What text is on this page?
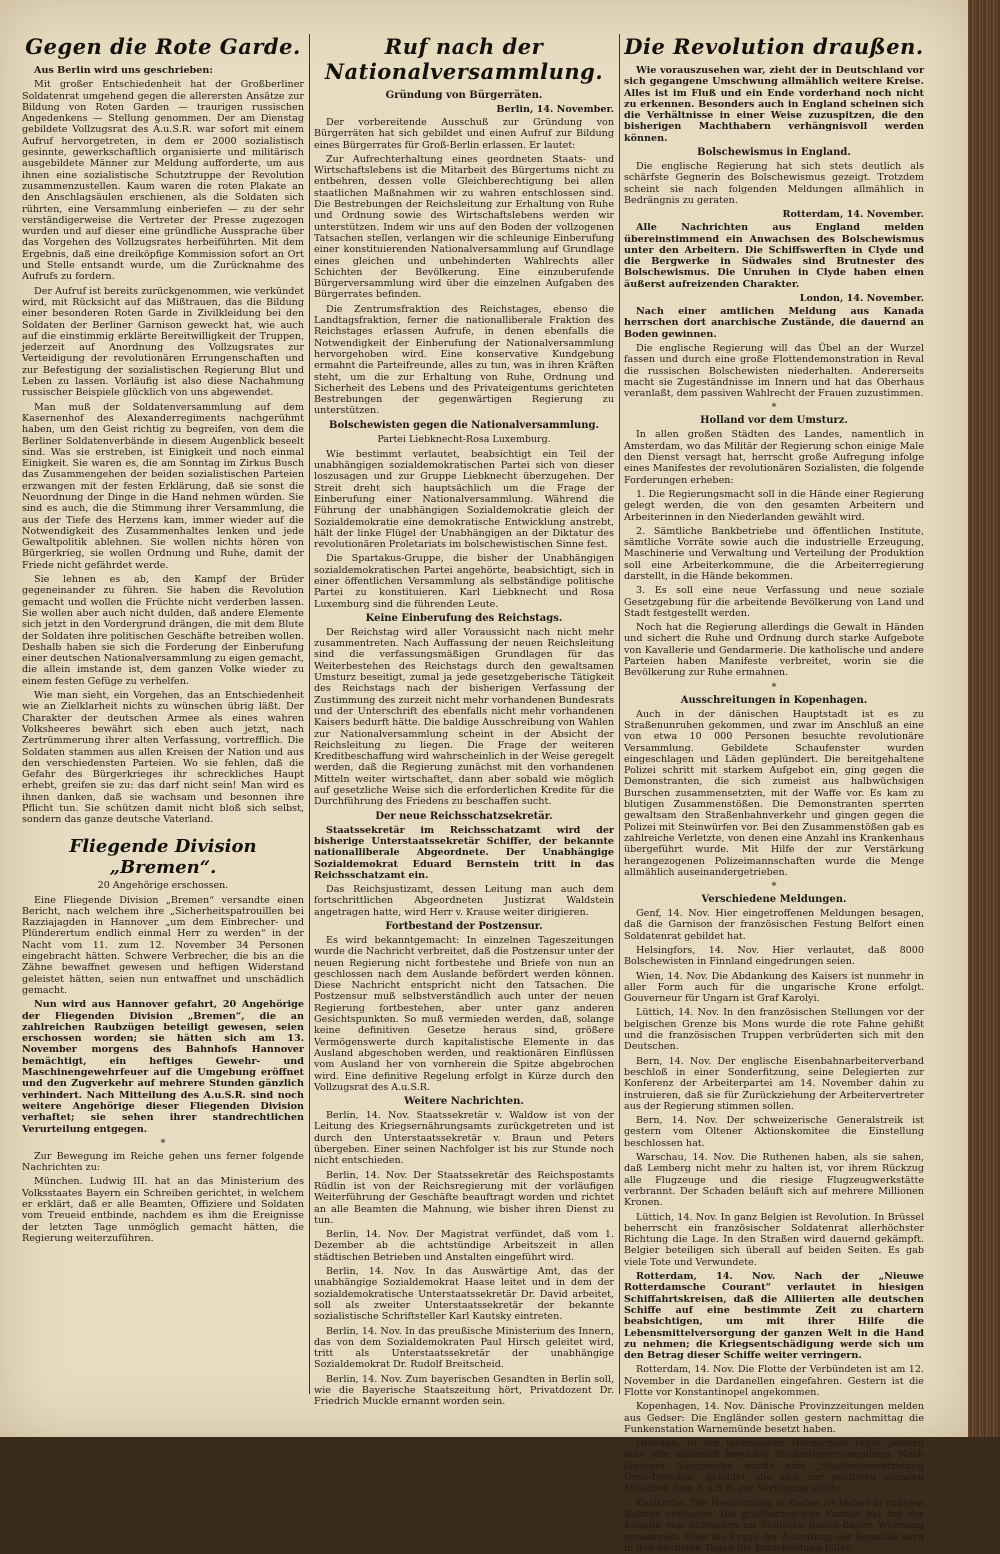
Gegen die Rote Garde.

Aus Berlin wird uns geschrieben:

Mit großer Entschiedenheit hat der Großberliner Soldatenrat umgehend gegen die allerersten Ansätze zur Bildung von Roten Garden — traurigen russischen Angedenkens — Stellung genommen. Der am Dienstag gebildete Vollzugsrat des A.u.S.R. war sofort mit einem Aufruf hervorgetreten, in dem er 2000 sozialistisch gesinnte, gewerkschaftlich organisierte und militärisch ausgebildete Männer zur Meldung aufforderte, um aus ihnen eine sozialistische Schutztruppe der Revolution zusammenzustellen. Kaum waren die roten Plakate an den Anschlagsäulen erschienen, als die Soldaten sich rührten, eine Versammlung einberiefen — zu der sehr verständigerweise die Vertreter der Presse zugezogen wurden und auf dieser eine gründliche Aussprache über das Vorgehen des Vollzugsrates herbeiführten. Mit dem Ergebnis, daß eine dreiköpfige Kommission sofort an Ort und Stelle entsandt wurde, um die Zurücknahme des Aufrufs zu fordern.

Der Aufruf ist bereits zurückgenommen, wie verkündet wird, mit Rücksicht auf das Mißtrauen, das die Bildung einer besonderen Roten Garde in Zivilkleidung bei den Soldaten der Berliner Garnison geweckt hat, wie auch auf die einstimmig erklärte Bereitwilligkeit der Truppen, jederzeit auf Anordnung des Vollzugsrates zur Verteidigung der revolutionären Errungenschaften und zur Befestigung der sozialistischen Regierung Blut und Leben zu lassen. Vorläufig ist also diese Nachahmung russischer Beispiele glücklich von uns abgewendet.

Man muß der Soldatenversammlung auf dem Kasernenhof des Alexanderregiments nachgerühmt haben, um den Geist richtig zu begreifen, von dem die Berliner Soldatenverbände in diesem Augenblick beseelt sind. Was sie erstreben, ist Einigkeit und noch einmal Einigkeit. Sie waren es, die am Sonntag im Zirkus Busch das Zusammengehen der beiden sozialistischen Parteien erzwangen mit der festen Erklärung, daß sie sonst die Neuordnung der Dinge in die Hand nehmen würden. Sie sind es auch, die die Stimmung ihrer Versammlung, die aus der Tiefe des Herzens kam, immer wieder auf die Notwendigkeit des Zusammenhaltes lenken und jede Gewaltpolitik ablehnen. Sie wollen nichts hören von Bürgerkrieg, sie wollen Ordnung und Ruhe, damit der Friede nicht gefährdet werde.

Sie lehnen es ab, den Kampf der Brüder gegeneinander zu führen. Sie haben die Revolution gemacht und wollen die Früchte nicht verderben lassen. Sie wollen aber auch nicht dulden, daß andere Elemente sich jetzt in den Vordergrund drängen, die mit dem Blute der Soldaten ihre politischen Geschäfte betreiben wollen. Deshalb haben sie sich die Forderung der Einberufung einer deutschen Nationalversammlung zu eigen gemacht, die allein imstande ist, dem ganzen Volke wieder zu einem festen Gefüge zu verhelfen.

Wie man sieht, ein Vorgehen, das an Entschiedenheit wie an Zielklarheit nichts zu wünschen übrig läßt. Der Charakter der deutschen Armee als eines wahren Volksheeres bewährt sich eben auch jetzt, nach Zertrümmerung ihrer alten Verfassung, vortrefflich. Die Soldaten stammen aus allen Kreisen der Nation und aus den verschiedensten Parteien. Wo sie fehlen, daß die Gefahr des Bürgerkrieges ihr schreckliches Haupt erhebt, greifen sie zu: das darf nicht sein! Man wird es ihnen danken, daß sie wachsam und besonnen ihre Pflicht tun. Sie schützen damit nicht bloß sich selbst, sondern das ganze deutsche Vaterland.

Fliegende Division „Bremen“.
20 Angehörige erschossen.

Eine Fliegende Division „Bremen“ versandte einen Bericht, nach welchem ihre „Sicherheitspatrouillen bei Razziajagden in Hannover „um dem Einbrecher- und Plünderertum endlich einmal Herr zu werden“ in der Nacht vom 11. zum 12. November 34 Personen eingebracht hätten. Schwere Verbrecher, die bis an die Zähne bewaffnet gewesen und heftigen Widerstand geleistet hätten, seien nun entwaffnet und unschädlich gemacht.

Nun wird aus Hannover gefahrt, 20 Angehörige der Fliegenden Division „Bremen“, die an zahlreichen Raubzügen beteiligt gewesen, seien erschossen worden; sie hätten sich am 13. November morgens des Bahnhofs Hannover bemächtigt, ein heftiges Gewehr- und Maschinengewehrfeuer auf die Umgebung eröffnet und den Zugverkehr auf mehrere Stunden gänzlich verhindert. Nach Mitteilung des A.u.S.R. sind noch weitere Angehörige dieser Fliegenden Division verhaftet; sie sehen ihrer standrechtlichen Verurteilung entgegen.

*

Zur Bewegung im Reiche gehen uns ferner folgende Nachrichten zu:

München. Ludwig III. hat an das Ministerium des Volksstaates Bayern ein Schreiben gerichtet, in welchem er erklärt, daß er alle Beamten, Offiziere und Soldaten vom Treueid entbinde, nachdem es ihm die Ereignisse der letzten Tage unmöglich gemacht hätten, die Regierung weiterzuführen.

Ruf nach der Nationalversammlung.
Gründung von Bürgerräten.
Berlin, 14. November.

Der vorbereitende Ausschuß zur Gründung von Bürgerräten hat sich gebildet und einen Aufruf zur Bildung eines Bürgerrates für Groß-Berlin erlassen. Er lautet:

Zur Aufrechterhaltung eines geordneten Staats- und Wirtschaftslebens ist die Mitarbeit des Bürgertums nicht zu entbehren, dessen volle Gleichberechtigung bei allen staatlichen Maßnahmen wir zu wahren entschlossen sind. Die Bestrebungen der Reichsleitung zur Erhaltung von Ruhe und Ordnung sowie des Wirtschaftslebens werden wir unterstützen. Indem wir uns auf den Boden der vollzogenen Tatsachen stellen, verlangen wir die schleunige Einberufung einer konstituierenden Nationalversammlung auf Grundlage eines gleichen und unbehinderten Wahlrechts aller Schichten der Bevölkerung. Eine einzuberufende Bürgerversammlung wird über die einzelnen Aufgaben des Bürgerrates befinden.

Die Zentrumsfraktion des Reichstages, ebenso die Landtagsfraktion, ferner die nationalliberale Fraktion des Reichstages erlassen Aufrufe, in denen ebenfalls die Notwendigkeit der Einberufung der Nationalversammlung hervorgehoben wird. Eine konservative Kundgebung ermahnt die Parteifreunde, alles zu tun, was in ihren Kräften steht, um die zur Erhaltung von Ruhe, Ordnung und Sicherheit des Lebens und des Privateigentums gerichteten Bestrebungen der gegenwärtigen Regierung zu unterstützen.

Bolschewisten gegen die Nationalversammlung.
Partei Liebknecht-Rosa Luxemburg.

Wie bestimmt verlautet, beabsichtigt ein Teil der unabhängigen sozialdemokratischen Partei sich von dieser loszusagen und zur Gruppe Liebknecht überzugehen. Der Streit dreht sich hauptsächlich um die Frage der Einberufung einer Nationalversammlung. Während die Führung der unabhängigen Sozialdemokratie gleich der Sozialdemokratie eine demokratische Entwicklung anstrebt, hält der linke Flügel der Unabhängigen an der Diktatur des revolutionären Proletariats im bolschewistischen Sinne fest.

Die Spartakus-Gruppe, die bisher der Unabhängigen sozialdemokratischen Partei angehörte, beabsichtigt, sich in einer öffentlichen Versammlung als selbständige politische Partei zu konstituieren. Karl Liebknecht und Rosa Luxemburg sind die führenden Leute.

Keine Einberufung des Reichstags.

Der Reichstag wird aller Voraussicht nach nicht mehr zusammentreten. Nach Auffassung der neuen Reichsleitung sind die verfassungsmäßigen Grundlagen für das Weiterbestehen des Reichstags durch den gewaltsamen Umsturz beseitigt, zumal ja jede gesetzgeberische Tätigkeit des Reichstags nach der bisherigen Verfassung der Zustimmung des zurzeit nicht mehr vorhandenen Bundesrats und der Unterschrift des ebenfalls nicht mehr vorhandenen Kaisers bedurft hätte. Die baldige Ausschreibung von Wahlen zur Nationalversammlung scheint in der Absicht der Reichsleitung zu liegen. Die Frage der weiteren Kreditbeschaffung wird wahrscheinlich in der Weise geregelt werden, daß die Regierung zunächst mit den vorhandenen Mitteln weiter wirtschaftet, dann aber sobald wie möglich auf gesetzliche Weise sich die erforderlichen Kredite für die Durchführung des Friedens zu beschaffen sucht.

Der neue Reichsschatzsekretär.

Staatssekretär im Reichsschatzamt wird der bisherige Unterstaatssekretär Schiffer, der bekannte nationalliberale Abgeordnete. Der Unabhängige Sozialdemokrat Eduard Bernstein tritt in das Reichsschatzamt ein.

Das Reichsjustizamt, dessen Leitung man auch dem fortschrittlichen Abgeordneten Justizrat Waldstein angetragen hatte, wird Herr v. Krause weiter dirigieren.

Fortbestand der Postzensur.

Es wird bekanntgemacht: In einzelnen Tageszeitungen wurde die Nachricht verbreitet, daß die Postzensur unter der neuen Regierung nicht fortbestehe und Briefe von nun an geschlossen nach dem Auslande befördert werden können. Diese Nachricht entspricht nicht den Tatsachen. Die Postzensur muß selbstverständlich auch unter der neuen Regierung fortbestehen, aber unter ganz anderen Gesichtspunkten. So muß vermieden werden, daß, solange keine definitiven Gesetze heraus sind, größere Vermögenswerte durch kapitalistische Elemente in das Ausland abgeschoben werden, und reaktionären Einflüssen vom Ausland her von vornherein die Spitze abgebrochen wird. Eine definitive Regelung erfolgt in Kürze durch den Vollzugsrat des A.u.S.R.

Weitere Nachrichten.

Berlin, 14. Nov. Staatssekretär v. Waldow ist von der Leitung des Kriegsernährungsamts zurückgetreten und ist durch den Unterstaatssekretär v. Braun und Peters übergeben. Einer seinen Nachfolger ist bis zur Stunde noch nicht entschieden.

Berlin, 14. Nov. Der Staatssekretär des Reichspostamts Rüdlin ist von der Reichsregierung mit der vorläufigen Weiterführung der Geschäfte beauftragt worden und richtet an alle Beamten die Mahnung, wie bisher ihren Dienst zu tun.

Berlin, 14. Nov. Der Magistrat verfündet, daß vom 1. Dezember ab die achtstündige Arbeitszeit in allen städtischen Betrieben und Anstalten eingeführt wird.

Berlin, 14. Nov. In das Auswärtige Amt, das der unabhängige Sozialdemokrat Haase leitet und in dem der sozialdemokratische Unterstaatssekretär Dr. David arbeitet, soll als zweiter Unterstaatssekretär der bekannte sozialistische Schriftsteller Karl Kautsky eintreten.

Berlin, 14. Nov. In das preußische Ministerium des Innern, das von dem Sozialdemokraten Paul Hirsch geleitet wird, tritt als Unterstaatssekretär der unabhängige Sozialdemokrat Dr. Rudolf Breitscheid.

Berlin, 14. Nov. Zum bayerischen Gesandten in Berlin soll, wie die Bayerische Staatszeitung hört, Privatdozent Dr. Friedrich Muckle ernannt worden sein.

Die Revolution draußen.

Wie vorauszusehen war, zieht der in Deutschland vor sich gegangene Umschwung allmählich weitere Kreise. Alles ist im Fluß und ein Ende vorderhand noch nicht zu erkennen. Besonders auch in England scheinen sich die Verhältnisse in einer Weise zuzuspitzen, die den bisherigen Machthabern verhängnisvoll werden können.

Bolschewismus in England.

Die englische Regierung hat sich stets deutlich als schärfste Gegnerin des Bolschewismus gezeigt. Trotzdem scheint sie nach folgenden Meldungen allmählich in Bedrängnis zu geraten.

Rotterdam, 14. November.

Alle Nachrichten aus England melden übereinstimmend ein Anwachsen des Bolschewismus unter den Arbeitern. Die Schiffswerften in Clyde und die Bergwerke in Südwales sind Brutnester des Bolschewismus. Die Unruhen in Clyde haben einen äußerst aufreizenden Charakter.

London, 14. November.

Nach einer amtlichen Meldung aus Kanada herrschen dort anarchische Zustände, die dauernd an Boden gewinnen.

Die englische Regierung will das Übel an der Wurzel fassen und durch eine große Flottendemonstration in Reval die russischen Bolschewisten niederhalten. Andererseits macht sie Zugeständnisse im Innern und hat das Oberhaus veranlaßt, dem passiven Wahlrecht der Frauen zuzustimmen.

*
Holland vor dem Umsturz.

In allen großen Städten des Landes, namentlich in Amsterdam, wo das Militär der Regierung schon einige Male den Dienst versagt hat, herrscht große Aufregung infolge eines Manifestes der revolutionären Sozialisten, die folgende Forderungen erheben:

1. Die Regierungsmacht soll in die Hände einer Regierung gelegt werden, die von den gesamten Arbeitern und Arbeiterinnen in den Niederlanden gewählt wird.

2. Sämtliche Bankbetriebe und öffentlichen Institute, sämtliche Vorräte sowie auch die industrielle Erzeugung, Maschinerie und Verwaltung und Verteilung der Produktion soll eine Arbeiterkommune, die die Arbeiterregierung darstellt, in die Hände bekommen.

3. Es soll eine neue Verfassung und neue soziale Gesetzgebung für die arbeitende Bevölkerung von Land und Stadt festgestellt werden.

Noch hat die Regierung allerdings die Gewalt in Händen und sichert die Ruhe und Ordnung durch starke Aufgebote von Kavallerie und Gendarmerie. Die katholische und andere Parteien haben Manifeste verbreitet, worin sie die Bevölkerung zur Ruhe ermahnen.

*
Ausschreitungen in Kopenhagen.

Auch in der dänischen Hauptstadt ist es zu Straßenunruhen gekommen, und zwar im Anschluß an eine von etwa 10 000 Personen besuchte revolutionäre Versammlung. Gebildete Schaufenster wurden eingeschlagen und Läden geplündert. Die bereitgehaltene Polizei schritt mit starkem Aufgebot ein, ging gegen die Demonstranten, die sich zumeist aus halbwüchsigen Burschen zusammensetzten, mit der Waffe vor. Es kam zu blutigen Zusammenstößen. Die Demonstranten sperrten gewaltsam den Straßenbahnverkehr und gingen gegen die Polizei mit Steinwürfen vor. Bei den Zusammenstößen gab es zahlreiche Verletzte, von denen eine Anzahl ins Krankenhaus übergeführt wurde. Mit Hilfe der zur Verstärkung herangezogenen Polizeimannschaften wurde die Menge allmählich auseinandergetrieben.

*
Verschiedene Meldungen.

Genf, 14. Nov. Hier eingetroffenen Meldungen besagen, daß die Garnison der französischen Festung Belfort einen Soldatenrat gebildet hat.

Helsingfors, 14. Nov. Hier verlautet, daß 8000 Bolschewisten in Finnland eingedrungen seien.

Wien, 14. Nov. Die Abdankung des Kaisers ist nunmehr in aller Form auch für die ungarische Krone erfolgt. Gouverneur für Ungarn ist Graf Karolyi.

Lüttich, 14. Nov. In den französischen Stellungen vor der belgischen Grenze bis Mons wurde die rote Fahne gehißt und die französischen Truppen verbrüderten sich mit den Deutschen.

Bern, 14. Nov. Der englische Eisenbahnarbeiterverband beschloß in einer Sonderfitzung, seine Delegierten zur Konferenz der Arbeiterpartei am 14. November dahin zu instruieren, daß sie für Zurückziehung der Arbeitervertreter aus der Regierung stimmen sollen.

Bern, 14. Nov. Der schweizerische Generalstreik ist gestern vom Oltener Aktionskomitee die Einstellung beschlossen hat.

Warschau, 14. Nov. Die Ruthenen haben, als sie sahen, daß Lemberg nicht mehr zu halten ist, vor ihrem Rückzug alle Flugzeuge und die riesige Flugzeugwerkstätte verbrannt. Der Schaden beläuft sich auf mehrere Millionen Kronen.

Lüttich, 14. Nov. In ganz Belgien ist Revolution. In Brüssel beherrscht ein französischer Soldatenrat allerhöchster Richtung die Lage. In den Straßen wird dauernd gekämpft. Belgier beteiligen sich überall auf beiden Seiten. Es gab viele Tote und Verwundete.

Rotterdam, 14. Nov. Nach der „Nieuwe Rotterdamsche Courant“ verlautet in hiesigen Schiffahrtskreisen, daß die Alliierten alle deutschen Schiffe auf eine bestimmte Zeit zu chartern beabsichtigen, um mit ihrer Hilfe die Lebensmittelversorgung der ganzen Welt in die Hand zu nehmen; die Kriegsentschädigung werde sich um den Betrag dieser Schiffe weiter verringern.

Rotterdam, 14. Nov. Die Flotte der Verbündeten ist am 12. November in die Dardanellen eingefahren. Gestern ist die Flotte vor Konstantinopel angekommen.

Kopenhagen, 14. Nov. Dänische Provinzzeitungen melden aus Gedser: Die Engländer sollen gestern nachmittag die Funkenstation Warnemünde besetzt haben.

Dresden. In der technischen Hochschule tagte gestern eine sehr zahlreich besuchte Studentenversammlung. Nach längerer Aussprache wurde eine „Studentenvertretung Groß-Dresden“ gebildet, die sich zur positiven sozialen Mitarbeit dem A.u.S.R. zur Verfügung stellte.

Karlsruhe. Die Neuordnung in Baden ist bisher in ruhigen Bahnen verlaufen. Die großherzogliche Familie hat mit der Königin von Schweden im Schlosse Baden-Baden Wohnung genommen. Über die Frage der Ausrufung der Republik wird in den nächsten Tagen die Entscheidung fallen.
